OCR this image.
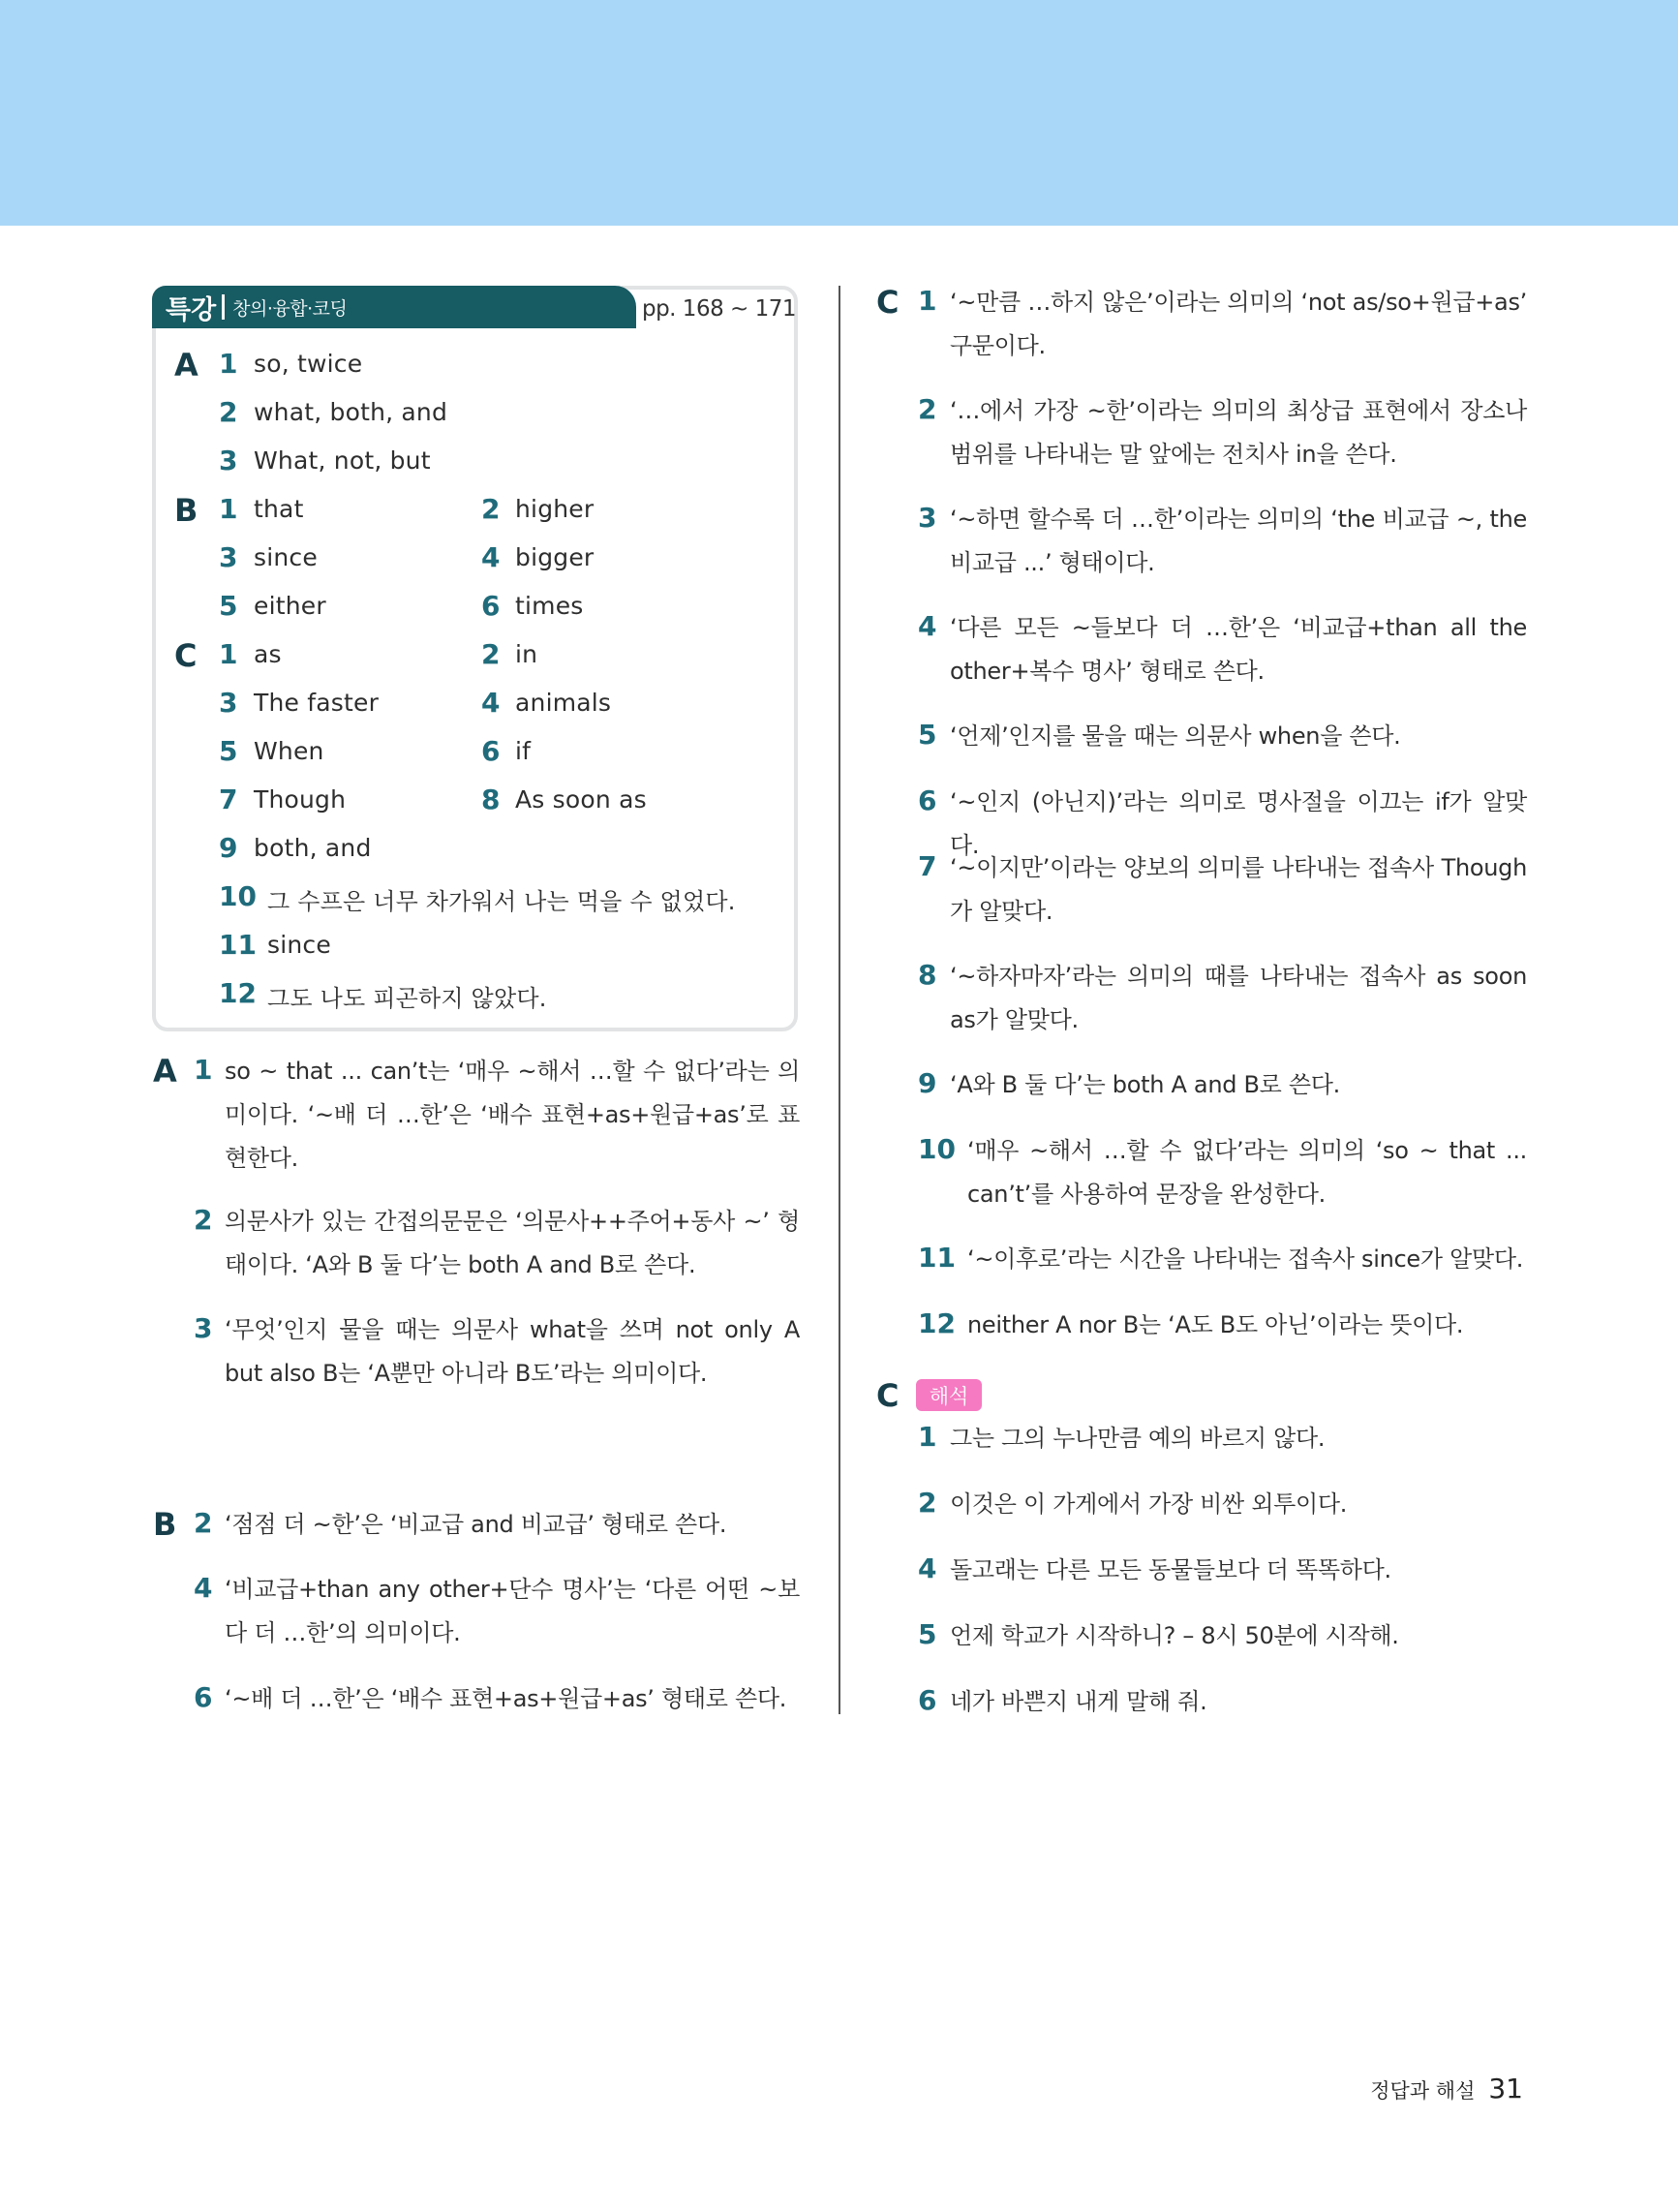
특강 창의·융합·코딩	pp. 168 ~ 171
A 1 so, twice
2 what, both, and
3 What, not, but
B 1 that	2 higher
3 since	4 bigger
5 either	6 times
C 1 as	2 in
3 The faster	4 animals
5 When	6 if
7 Though	8 As soon as
9 both, and
10 그 수프은 너무 차가워서 나는 먹을 수 없었다.
11 since
12 그도 나도 피곤하지 않았다.
A 1 so ~ that ... can’t는 ‘매우 ~해서 …할 수 없다’라는 의미이다. ‘~배 더 …한’은 ‘배수 표현+as+원급+as’로 표현한다.
2 의문사가 있는 간접의문문은 ‘의문사++주어+동사 ~’ 형태이다. ‘A와 B 둘 다’는 both A and B로 쓴다.
3 ‘무엇’인지 물을 때는 의문사 what을 쓰며 not only A but also B는 ‘A뿐만 아니라 B도’라는 의미이다.
B 2 ‘점점 더 ~한’은 ‘비교급 and 비교급’ 형태로 쓴다.
4 ‘비교급+than any other+단수 명사’는 ‘다른 어떤 ~보다 더 …한’의 의미이다.
6 ‘~배 더 …한’은 ‘배수 표현+as+원급+as’ 형태로 쓴다.
C 1 ‘~만큼 …하지 않은’이라는 의미의 ‘not as/so+원급+as’ 구문이다.
2 ‘…에서 가장 ~한’이라는 의미의 최상급 표현에서 장소나 범위를 나타내는 말 앞에는 전치사 in을 쓴다.
3 ‘~하면 할수록 더 …한’이라는 의미의 ‘the 비교급 ~, the 비교급 ...’ 형태이다.
4 ‘다른 모든 ~들보다 더 …한’은 ‘비교급+than all the other+복수 명사’ 형태로 쓴다.
5 ‘언제’인지를 물을 때는 의문사 when을 쓴다.
6 ‘~인지 (아닌지)’라는 의미로 명사절을 이끄는 if가 알맞다.
7 ‘~이지만’이라는 양보의 의미를 나타내는 접속사 Though가 알맞다.
8 ‘~하자마자’라는 의미의 때를 나타내는 접속사 as soon as가 알맞다.
9 ‘A와 B 둘 다’는 both A and B로 쓴다.
10 ‘매우 ~해서 …할 수 없다’라는 의미의 ‘so ~ that ... can’t’를 사용하여 문장을 완성한다.
11 ‘~이후로’라는 시간을 나타내는 접속사 since가 알맞다.
12 neither A nor B는 ‘A도 B도 아닌’이라는 뜻이다.
C	해석
1 그는 그의 누나만큼 예의 바르지 않다.
2 이것은 이 가게에서 가장 비싼 외투이다.
4 돌고래는 다른 모든 동물들보다 더 똑똑하다.
5 언제 학교가 시작하니? – 8시 50분에 시작해.
6 네가 바쁜지 내게 말해 줘.
정답과 해설 31
